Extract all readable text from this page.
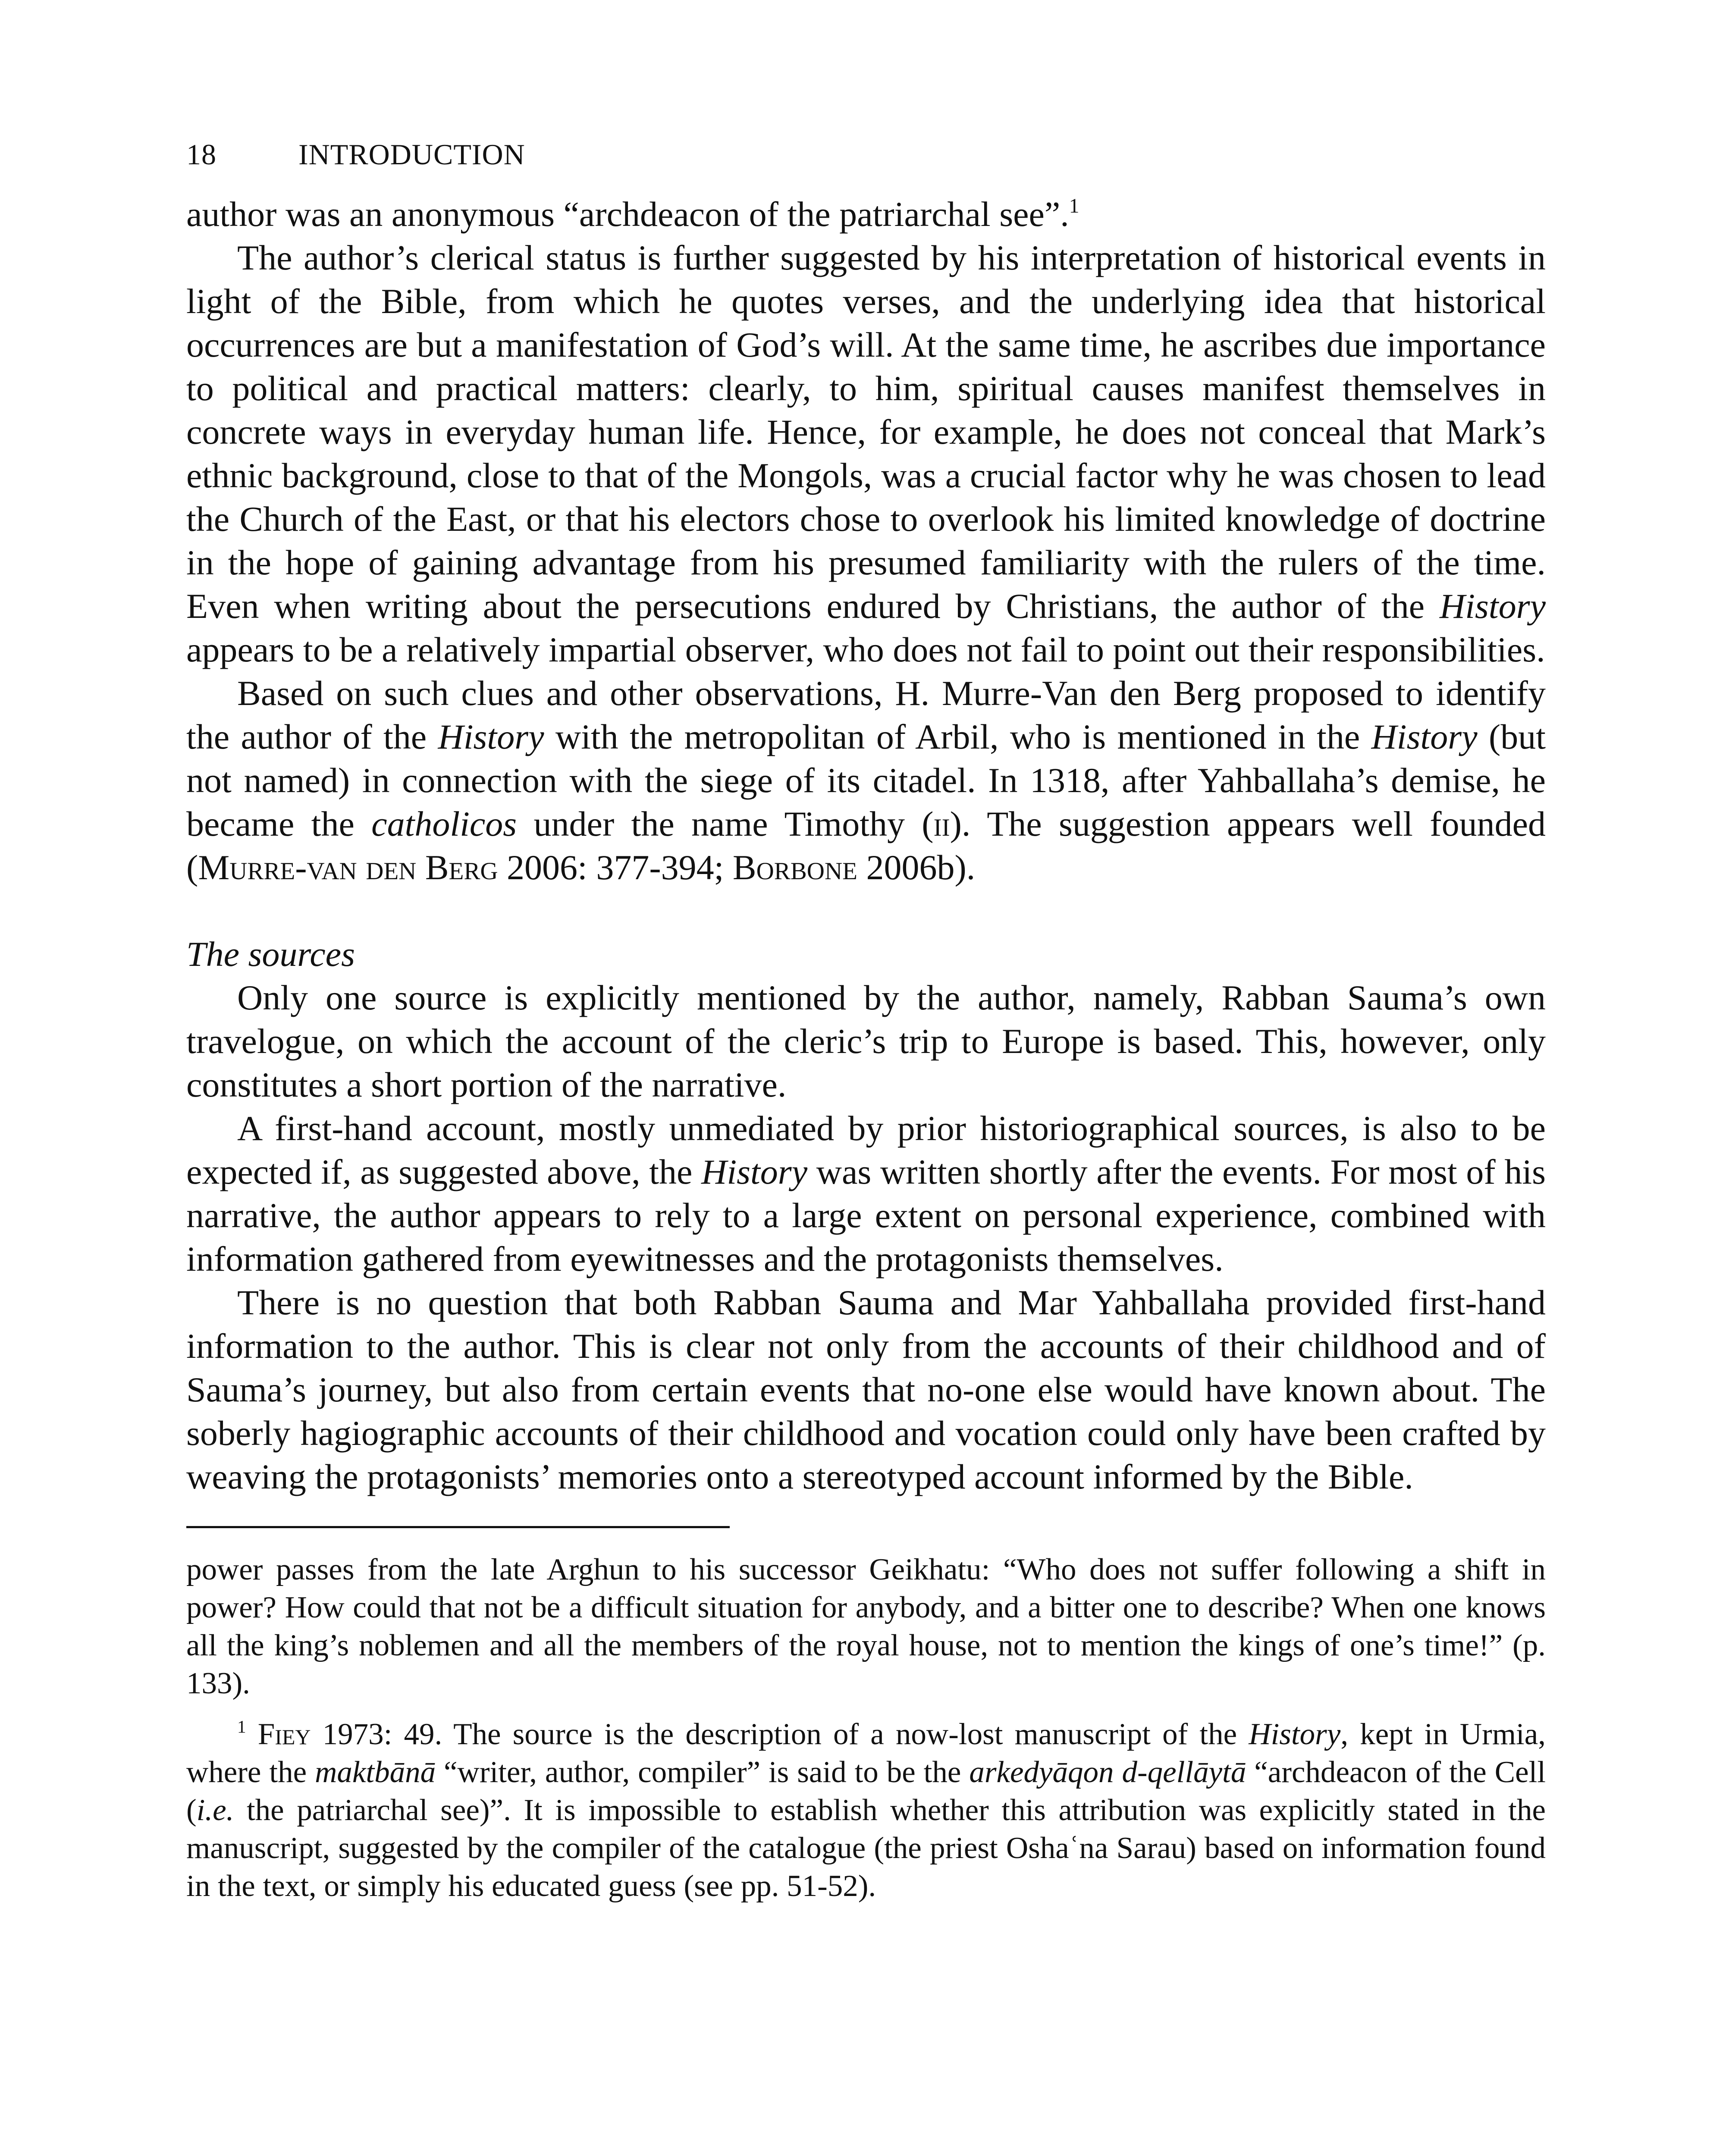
18	INTRODUCTION

author was an anonymous “archdeacon of the patriarchal see”.$^1$

The author’s clerical status is further suggested by his interpretation of historical events in light of the Bible, from which he quotes verses, and the underlying idea that historical occurrences are but a manifestation of God’s will. At the same time, he ascribes due importance to political and practical matters: clearly, to him, spiritual causes manifest themselves in concrete ways in everyday human life. Hence, for example, he does not conceal that Mark’s ethnic background, close to that of the Mongols, was a crucial factor why he was chosen to lead the Church of the East, or that his electors chose to overlook his limited knowledge of doctrine in the hope of gaining advantage from his presumed familiarity with the rulers of the time. Even when writing about the persecutions endured by Christians, the author of the History appears to be a relatively impartial observer, who does not fail to point out their responsibilities.

Based on such clues and other observations, H. Murre-Van den Berg proposed to identify the author of the History with the metropolitan of Arbil, who is mentioned in the History (but not named) in connection with the siege of its citadel. In 1318, after Yahballaha’s demise, he became the catholicos under the name Timothy (ii). The suggestion appears well founded (Murre-van den Berg 2006: 377-394; Borbone 2006b).

The sources

Only one source is explicitly mentioned by the author, namely, Rabban Sauma’s own travelogue, on which the account of the cleric’s trip to Europe is based. This, however, only constitutes a short portion of the narrative.

A first-hand account, mostly unmediated by prior historiographical sources, is also to be expected if, as suggested above, the History was written shortly after the events. For most of his narrative, the author appears to rely to a large extent on personal experience, combined with information gathered from eyewitnesses and the protagonists themselves.

There is no question that both Rabban Sauma and Mar Yahballaha provided first-hand information to the author. This is clear not only from the accounts of their childhood and of Sauma’s journey, but also from certain events that no-one else would have known about. The soberly hagiographic accounts of their childhood and vocation could only have been crafted by weaving the protagonists’ memories onto a stereotyped account informed by the Bible.

power passes from the late Arghun to his successor Geikhatu: “Who does not suffer following a shift in power? How could that not be a difficult situation for anybody, and a bitter one to describe? When one knows all the king’s noblemen and all the members of the royal house, not to mention the kings of one’s time!” (p. 133).

$^1$ Fiey 1973: 49. The source is the description of a now-lost manuscript of the History, kept in Urmia, where the maktbānā “writer, author, compiler” is said to be the arkedyāqon d-qellāytā “archdeacon of the Cell (i.e. the patriarchal see)”. It is impossible to establish whether this attribution was explicitly stated in the manuscript, suggested by the compiler of the catalogue (the priest Oshaʿna Sarau) based on information found in the text, or simply his educated guess (see pp. 51-52).
